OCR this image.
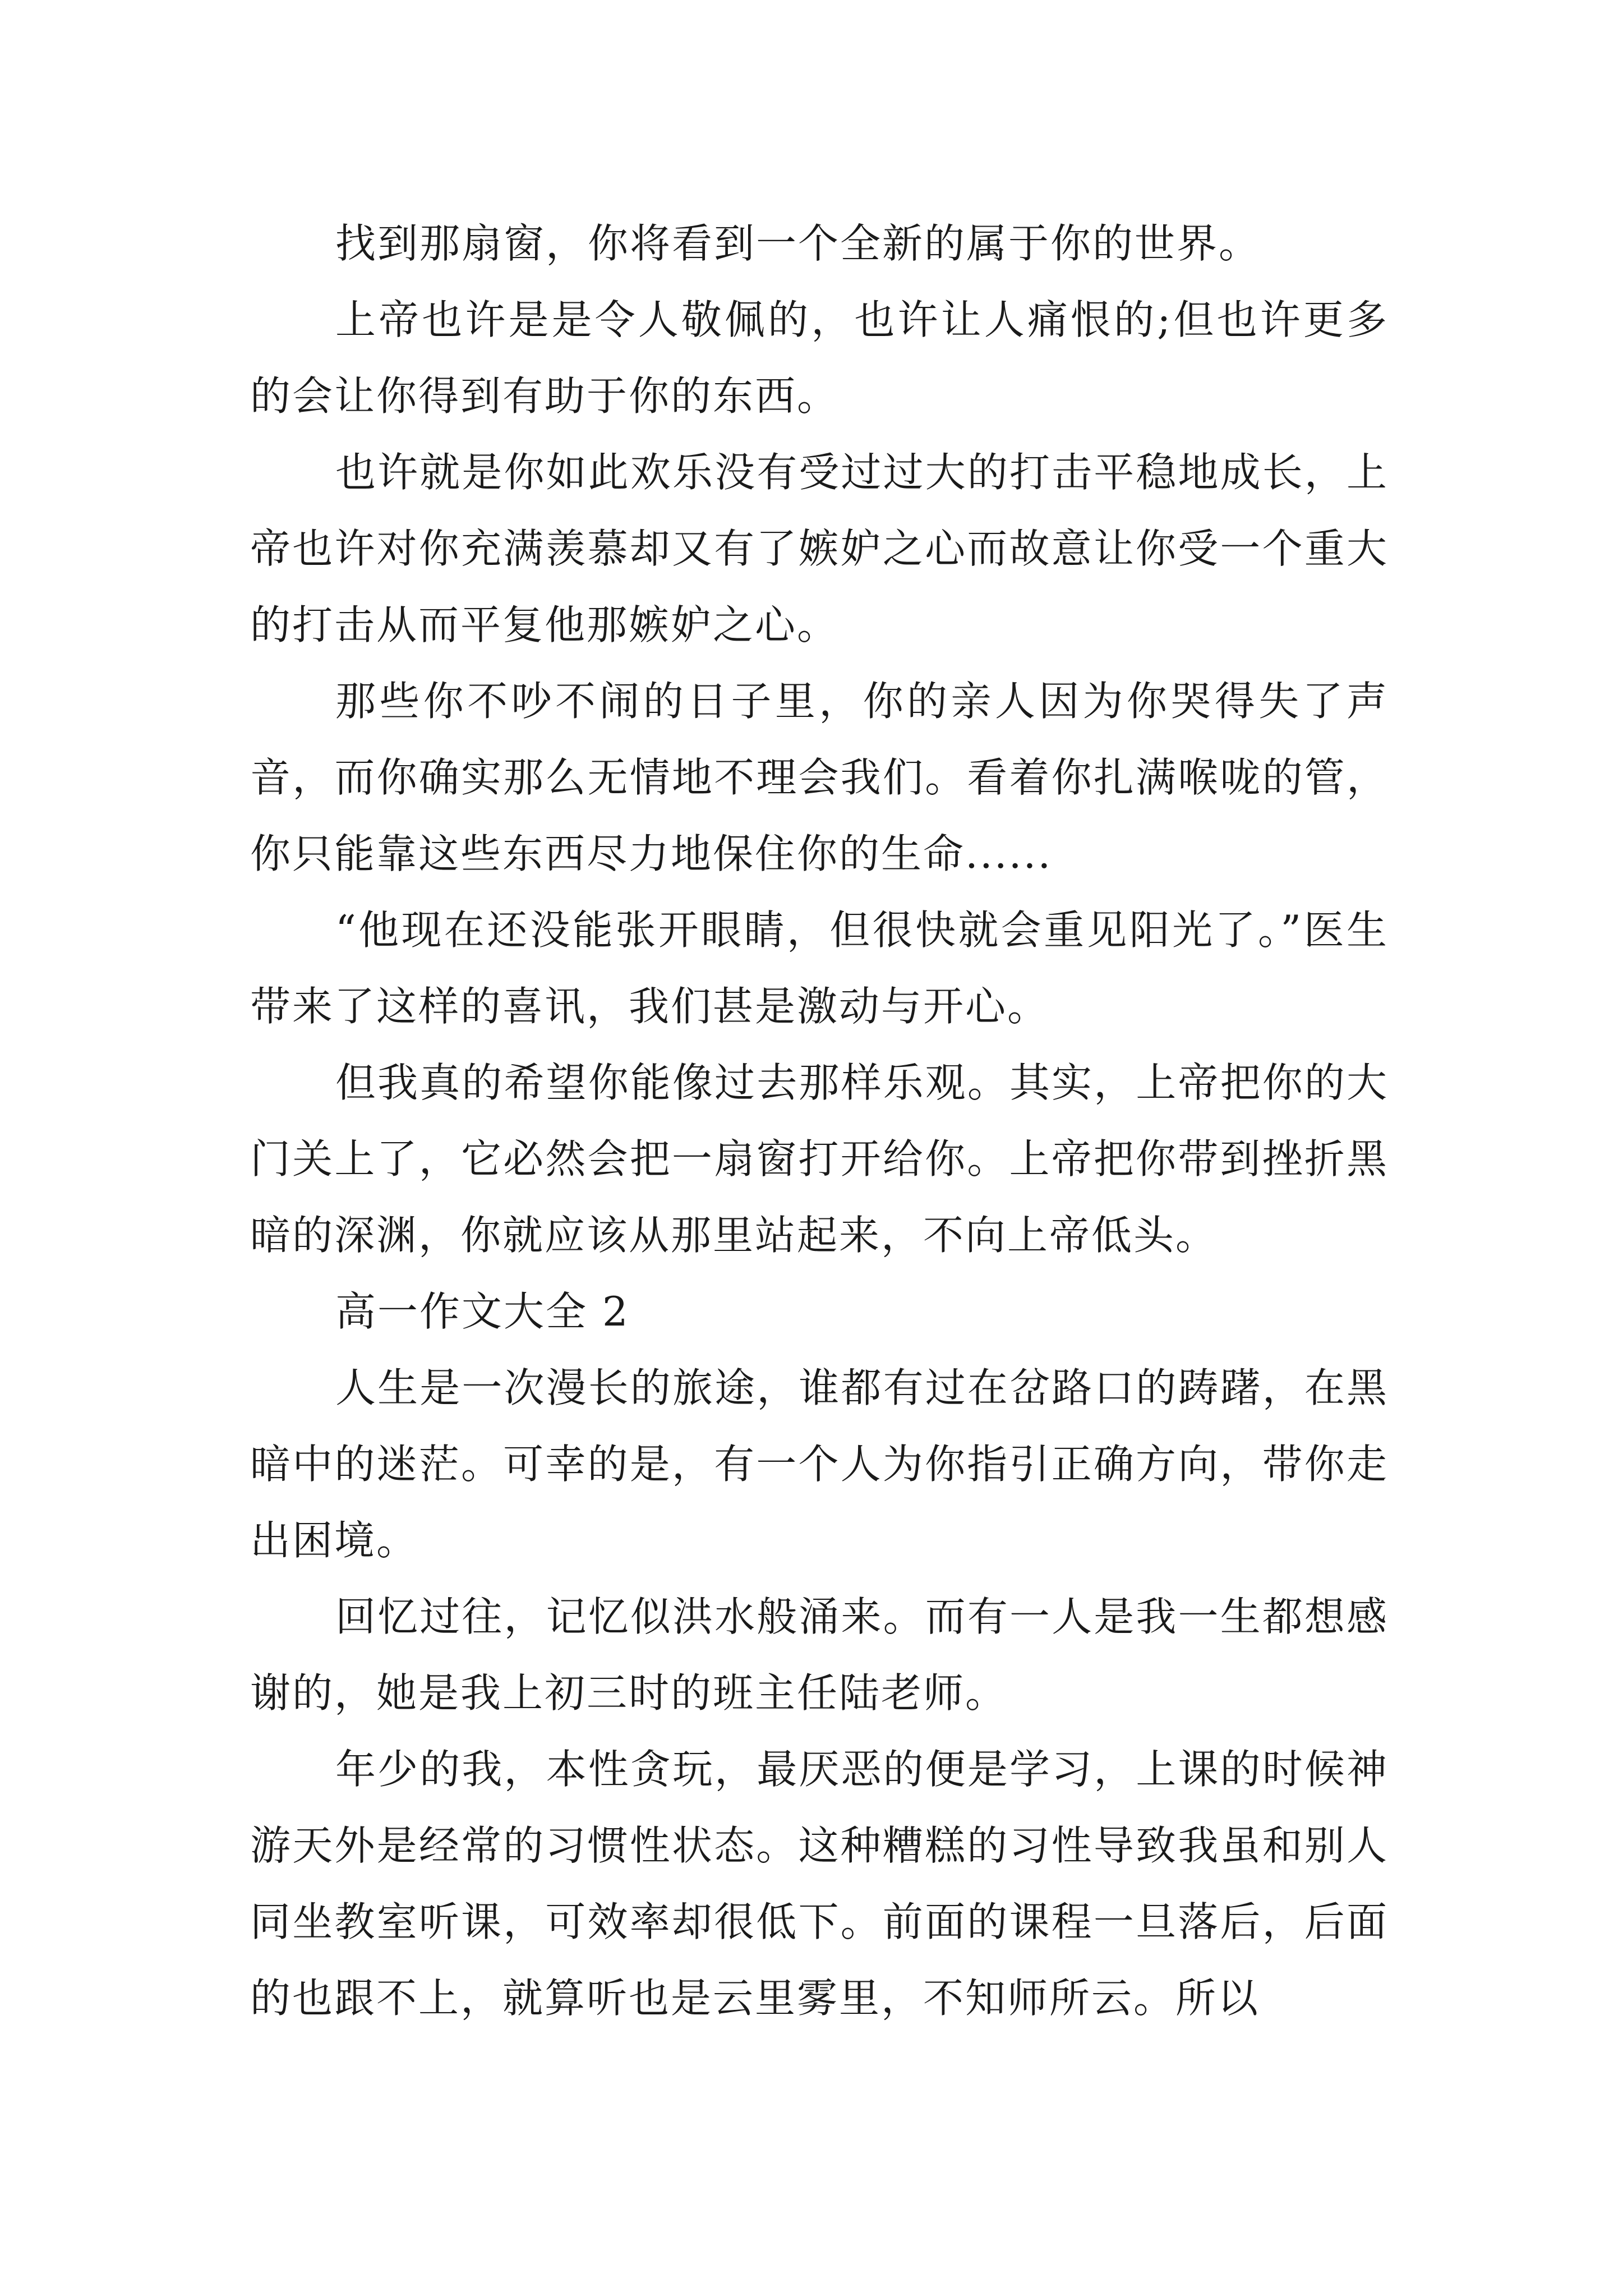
找到那扇窗，你将看到一个全新的属于你的世界。

上帝也许是是令人敬佩的，也许让人痛恨的;但也许更多的会让你得到有助于你的东西。

也许就是你如此欢乐没有受过过大的打击平稳地成长，上帝也许对你充满羡慕却又有了嫉妒之心而故意让你受一个重大的打击从而平复他那嫉妒之心。

那些你不吵不闹的日子里，你的亲人因为你哭得失了声音，而你确实那么无情地不理会我们。看着你扎满喉咙的管，你只能靠这些东西尽力地保住你的生命......

“他现在还没能张开眼睛，但很快就会重见阳光了。”医生带来了这样的喜讯，我们甚是激动与开心。

但我真的希望你能像过去那样乐观。其实，上帝把你的大门关上了，它必然会把一扇窗打开给你。上帝把你带到挫折黑暗的深渊，你就应该从那里站起来，不向上帝低头。

高一作文大全 2

人生是一次漫长的旅途，谁都有过在岔路口的踌躇，在黑暗中的迷茫。可幸的是，有一个人为你指引正确方向，带你走出困境。

回忆过往，记忆似洪水般涌来。而有一人是我一生都想感谢的，她是我上初三时的班主任陆老师。

年少的我，本性贪玩，最厌恶的便是学习，上课的时候神游天外是经常的习惯性状态。这种糟糕的习性导致我虽和别人同坐教室听课，可效率却很低下。前面的课程一旦落后，后面的也跟不上，就算听也是云里雾里，不知师所云。所以
